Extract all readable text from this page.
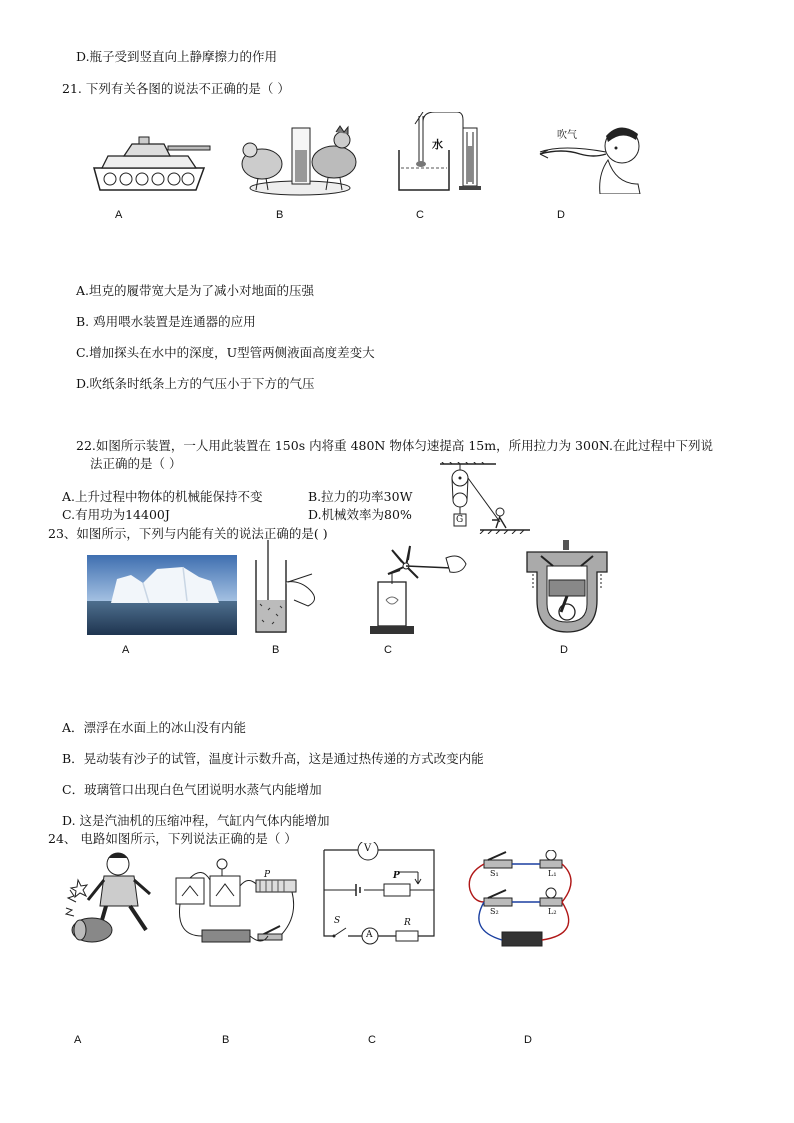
D.瓶子受到竖直向上静摩擦力的作用
21. 下列有关各图的说法不正确的是（ ）
A	B
水
C
吹气
D
A.坦克的履带宽大是为了减小对地面的压强
B. 鸡用喂水装置是连通器的应用
C.增加探头在水中的深度，U型管两侧液面高度差变大
D.吹纸条时纸条上方的气压小于下方的气压
22.如图所示装置，一人用此装置在 150s 内将重 480N 物体匀速提高 15m，所用拉力为 300N.在此过程中下列说
法正确的是（ ）
A.上升过程中物体的机械能保持不变	B.拉力的功率30W
C.有用功为14400J	D.机械效率为80%	G
23、如图所示，下列与内能有关的说法正确的是( )
A	B	C	D
A．漂浮在水面上的冰山没有内能
B．晃动装有沙子的试管，温度计示数升高，这是通过热传递的方式改变内能
C．玻璃管口出现白色气团说明水蒸气内能增加
D. 这是汽油机的压缩冲程，气缸内气体内能增加
24、 电路如图所示，下列说法正确的是（ ）
A
P
B
V
P
S
A
R
C
S₁	L₁
S₂	L₂
D
